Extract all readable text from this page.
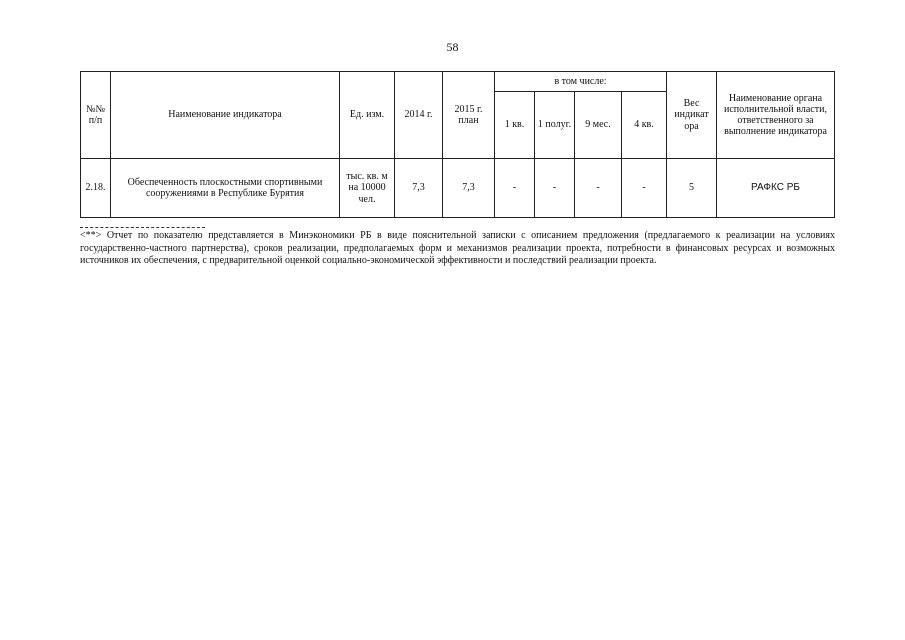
58
№№ п/п	Наименование индикатора	Ед. изм.	2014 г.	2015 г. план	в том числе:				Вес индикат ора	Наименование органа исполнительной власти, ответственного за выполнение индикатора
					1 кв.	1 полуг.	9 мес.	4 кв.		
2.18.	Обеспеченность плоскостными спортивными сооружениями в Республике Бурятия	тыс. кв. м на 10000 чел.	7,3	7,3	-	-	-	-	5	РАФКС РБ
<**> Отчет по показателю представляется в Минэкономики РБ в виде пояснительной записки с описанием предложения (предлагаемого к реализации на условиях государственно-частного партнерства), сроков реализации, предполагаемых форм и механизмов реализации проекта, потребности в финансовых ресурсах и возможных источников их обеспечения, с предварительной оценкой социально-экономической эффективности и последствий реализации проекта.
